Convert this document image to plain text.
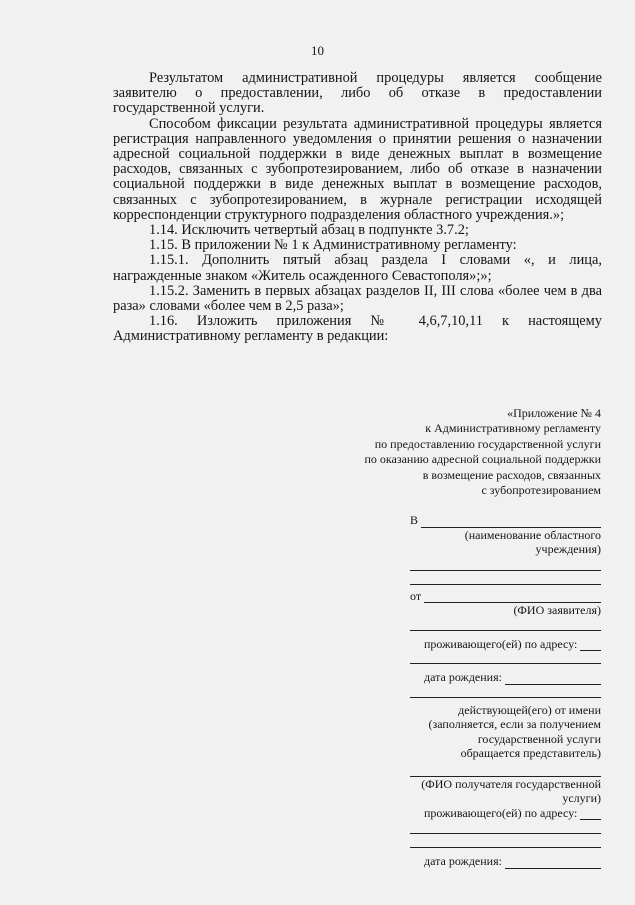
10

Результатом административной процедуры является сообщение заявителю о предоставлении, либо об отказе в предоставлении государственной услуги.

Способом фиксации результата административной процедуры является регистрация направленного уведомления о принятии решения о назначении адресной социальной поддержки в виде денежных выплат в возмещение расходов, связанных с зубопротезированием, либо об отказе в назначении социальной поддержки в виде денежных выплат в возмещение расходов, связанных с зубопротезированием, в журнале регистрации исходящей корреспонденции структурного подразделения областного учреждения.»;

1.14. Исключить четвертый абзац в подпункте 3.7.2;

1.15. В приложении № 1 к Административному регламенту:

1.15.1. Дополнить пятый абзац раздела I словами «, и лица, награжденные знаком «Житель осажденного Севастополя»;»;

1.15.2. Заменить в первых абзацах разделов II, III слова «более чем в два раза» словами «более чем в 2,5 раза»;

1.16. Изложить приложения № 4,6,7,10,11 к настоящему Административному регламенту в редакции:

«Приложение № 4
к Административному регламенту
по предоставлению государственной услуги
по оказанию адресной социальной поддержки
в возмещение расходов, связанных
с зубопротезированием
В
(наименование областного
учреждения)
от
(ФИО заявителя)
проживающего(ей) по адресу:
дата рождения:
действующей(его) от имени
(заполняется, если за получением
государственной услуги
обращается представитель)
(ФИО получателя государственной
услуги)
проживающего(ей) по адресу:
дата рождения:
